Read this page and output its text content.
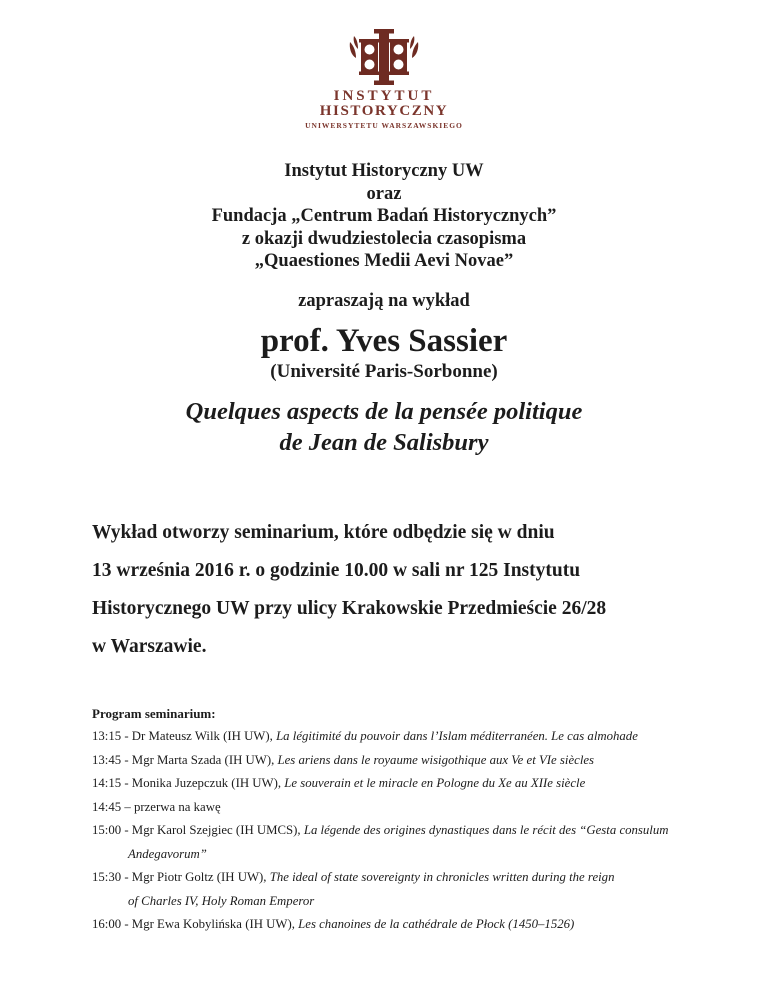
INSTYTUT
HISTORYCZNY
UNIWERSYTETU WARSZAWSKIEGO
Instytut Historyczny UW
oraz
Fundacja „Centrum Badań Historycznych”
z okazji dwudziestolecia czasopisma
„Quaestiones Medii Aevi Novae”

zapraszają na wykład

prof. Yves Sassier
(Université Paris-Sorbonne)
Quelques aspects de la pensée politique
de Jean de Salisbury
Wykład otworzy seminarium, które odbędzie się w dniu
13 września 2016 r. o godzinie 10.00 w sali nr 125 Instytutu
Historycznego UW przy ulicy Krakowskie Przedmieście 26/28
w Warszawie.
Program seminarium:
13:15 - Dr Mateusz Wilk (IH UW), La légitimité du pouvoir dans l’Islam méditerranéen. Le cas almohade
13:45 - Mgr Marta Szada (IH UW), Les ariens dans le royaume wisigothique aux Ve et VIe siècles
14:15 - Monika Juzepczuk (IH UW), Le souverain et le miracle en Pologne du Xe au XIIe siècle
14:45 – przerwa na kawę
15:00 - Mgr Karol Szejgiec (IH UMCS), La légende des origines dynastiques dans le récit des “Gesta consulum
Andegavorum”
15:30 - Mgr Piotr Goltz (IH UW), The ideal of state sovereignty in chronicles written during the reign
of Charles IV, Holy Roman Emperor
16:00 - Mgr Ewa Kobylińska (IH UW), Les chanoines de la cathédrale de Płock (1450–1526)
